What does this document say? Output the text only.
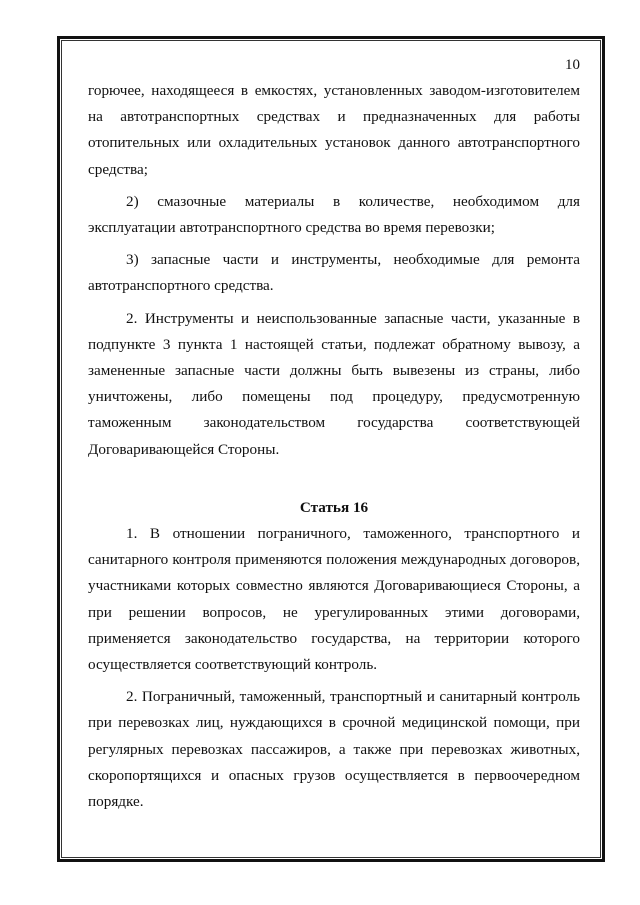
10

горючее, находящееся в емкостях, установленных заводом-изготовителем на автотранспортных средствах и предназначенных для работы отопительных или охладительных установок данного автотранспортного средства;

2) смазочные материалы в количестве, необходимом для эксплуатации автотранспортного средства во время перевозки;

3) запасные части и инструменты, необходимые для ремонта автотранспортного средства.

2. Инструменты и неиспользованные запасные части, указанные в подпункте 3 пункта 1 настоящей статьи, подлежат обратному вывозу, а замененные запасные части должны быть вывезены из страны, либо уничтожены, либо помещены под процедуру, предусмотренную таможенным законодательством государства соответствующей Договаривающейся Стороны.

Статья 16

1. В отношении пограничного, таможенного, транспортного и санитарного контроля применяются положения международных договоров, участниками которых совместно являются Договаривающиеся Стороны, а при решении вопросов, не урегулированных этими договорами, применяется законодательство государства, на территории которого осуществляется соответствующий контроль.

2. Пограничный, таможенный, транспортный и санитарный контроль при перевозках лиц, нуждающихся в срочной медицинской помощи, при регулярных перевозках пассажиров, а также при перевозках животных, скоропортящихся и опасных грузов осуществляется в первоочередном порядке.
